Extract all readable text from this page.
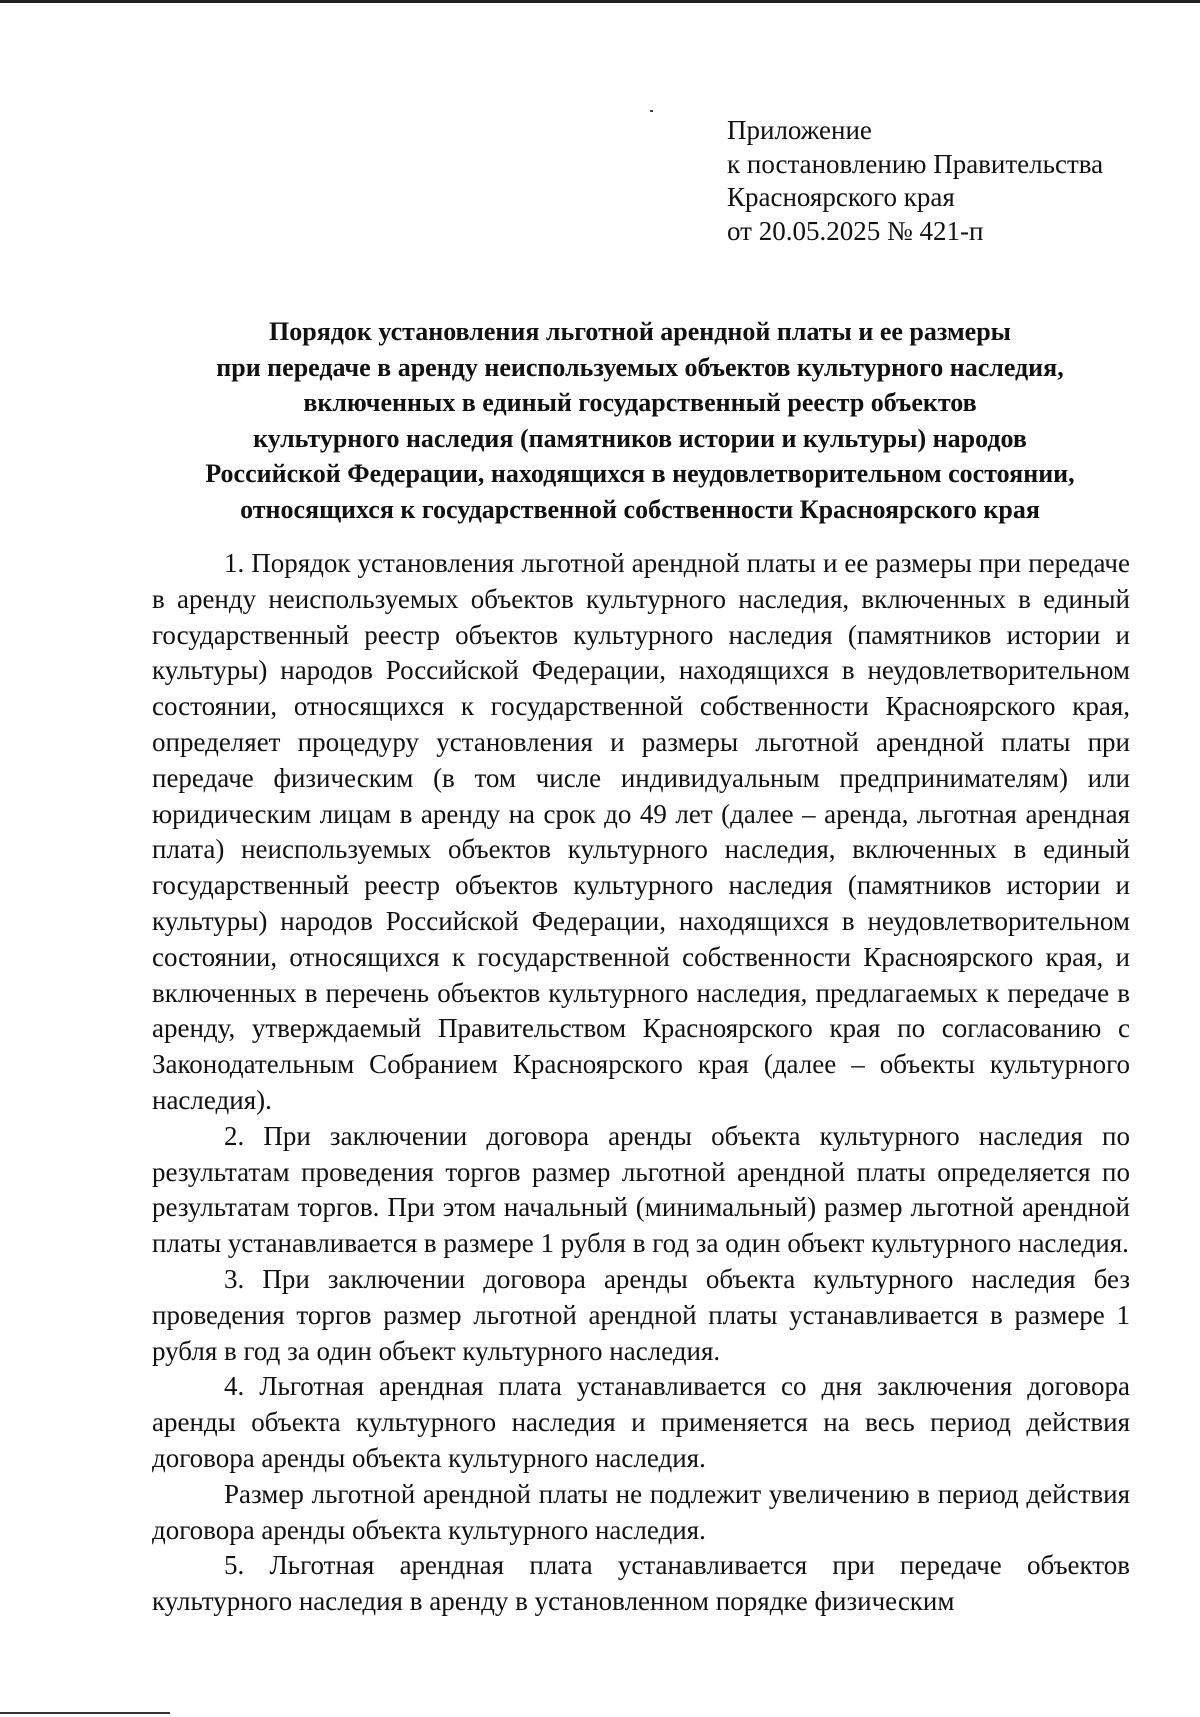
Приложение
к постановлению Правительства
Красноярского края
от 20.05.2025 № 421-п
Порядок установления льготной арендной платы и ее размеры
при передаче в аренду неиспользуемых объектов культурного наследия,
включенных в единый государственный реестр объектов
культурного наследия (памятников истории и культуры) народов
Российской Федерации, находящихся в неудовлетворительном состоянии,
относящихся к государственной собственности Красноярского края

1. Порядок установления льготной арендной платы и ее размеры при передаче в аренду неиспользуемых объектов культурного наследия, включенных в единый государственный реестр объектов культурного наследия (памятников истории и культуры) народов Российской Федерации, находящихся в неудовлетворительном состоянии, относящихся к государственной собственности Красноярского края, определяет процедуру установления и размеры льготной арендной платы при передаче физическим (в том числе индивидуальным предпринимателям) или юридическим лицам в аренду на срок до 49 лет (далее – аренда, льготная арендная плата) неиспользуемых объектов культурного наследия, включенных в единый государственный реестр объектов культурного наследия (памятников истории и культуры) народов Российской Федерации, находящихся в неудовлетворительном состоянии, относящихся к государственной собственности Красноярского края, и включенных в перечень объектов культурного наследия, предлагаемых к передаче в аренду, утверждаемый Правительством Красноярского края по согласованию с Законодательным Собранием Красноярского края (далее – объекты культурного наследия).

2. При заключении договора аренды объекта культурного наследия по результатам проведения торгов размер льготной арендной платы определяется по результатам торгов. При этом начальный (минимальный) размер льготной арендной платы устанавливается в размере 1 рубля в год за один объект культурного наследия.

3. При заключении договора аренды объекта культурного наследия без проведения торгов размер льготной арендной платы устанавливается в размере 1 рубля в год за один объект культурного наследия.

4. Льготная арендная плата устанавливается со дня заключения договора аренды объекта культурного наследия и применяется на весь период действия договора аренды объекта культурного наследия.

Размер льготной арендной платы не подлежит увеличению в период действия договора аренды объекта культурного наследия.

5. Льготная арендная плата устанавливается при передаче объектов культурного наследия в аренду в установленном порядке физическим
